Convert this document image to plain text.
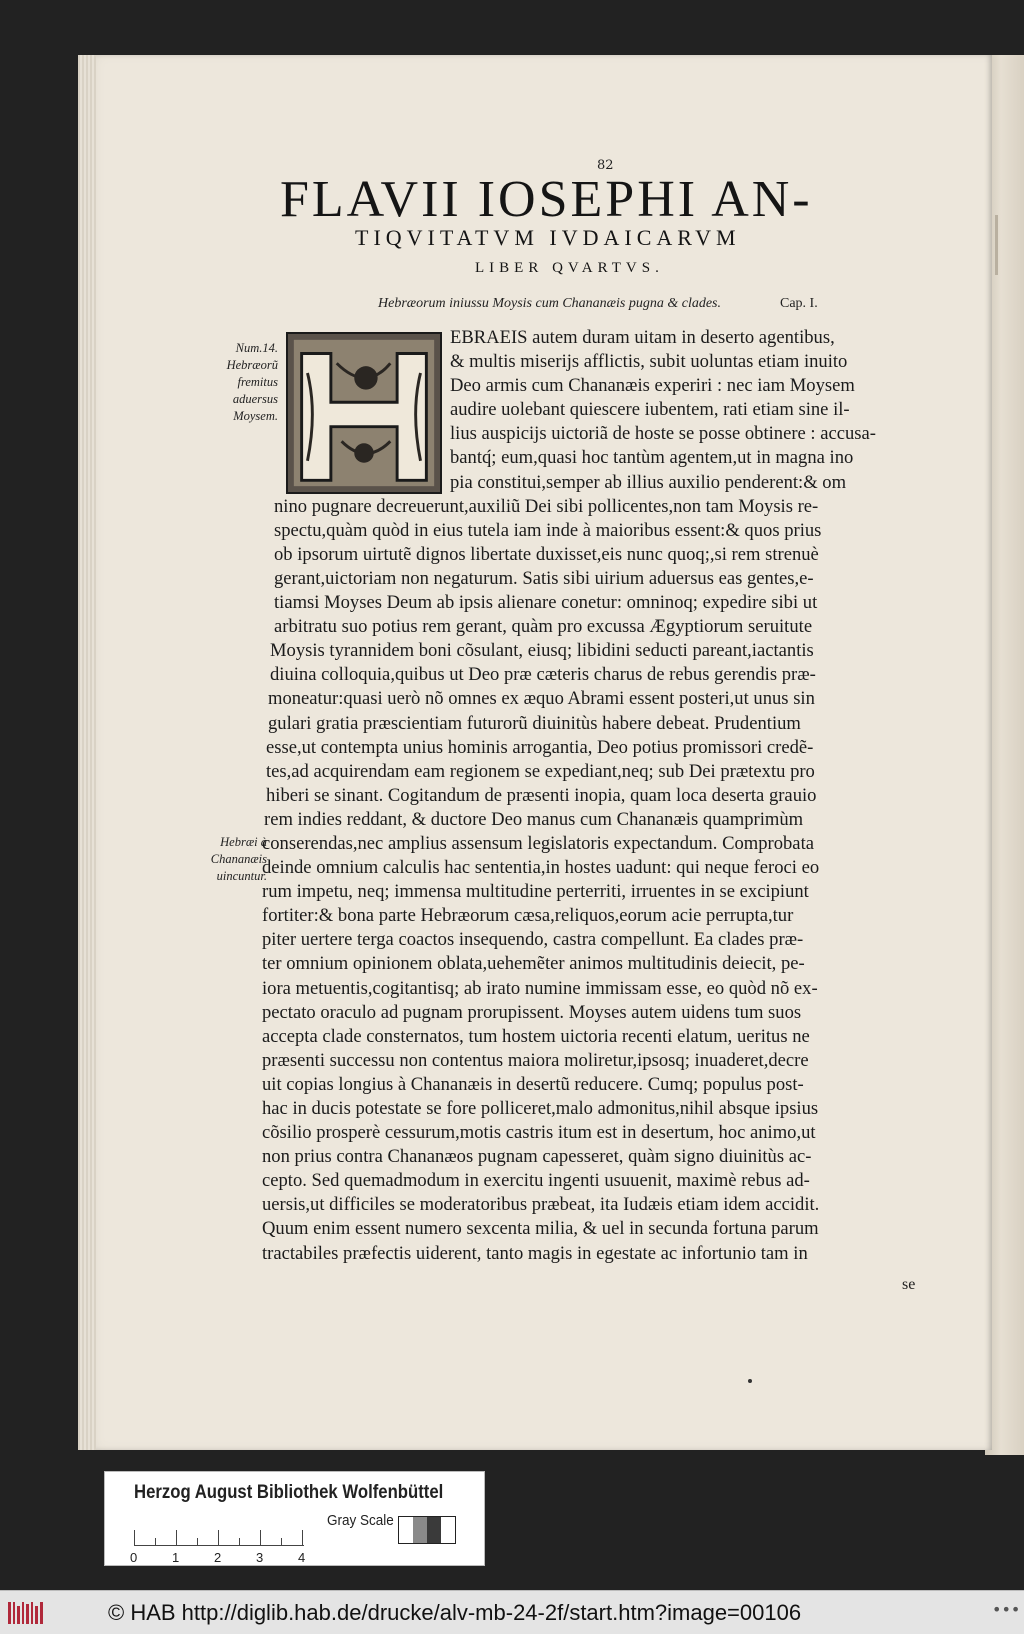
82
FLAVII IOSEPHI AN-
TIQVITATVM IVDAICARVM
LIBER QVARTVS.
Hebræorum iniussu Moysis cum Chananæis pugna & clades.	Cap. I.
Num.14. Hebræorũ fremitus aduersus Moysem.
Hebræi à Chananæis uincuntur.
EBRAEIS autem duram uitam in deserto agentibus,
& multis miserijs afflictis, subit uoluntas etiam inuito
Deo armis cum Chananæis experiri : nec iam Moysem
audire uolebant quiescere iubentem, rati etiam sine il-
lius auspicijs uictoriã de hoste se posse obtinere : accusa-
bantq́; eum,quasi hoc tantùm agentem,ut in magna ino
pia constitui,semper ab illius auxilio penderent:& om
nino pugnare decreuerunt,auxiliũ Dei sibi pollicentes,non tam Moysis re-
spectu,quàm quòd in eius tutela iam inde à maioribus essent:& quos prius
ob ipsorum uirtutẽ dignos libertate duxisset,eis nunc quoq;,si rem strenuè
gerant,uictoriam non negaturum. Satis sibi uirium aduersus eas gentes,e-
tiamsi Moyses Deum ab ipsis alienare conetur: omninoq; expedire sibi ut
arbitratu suo potius rem gerant, quàm pro excussa Ægyptiorum seruitute
Moysis tyrannidem boni cõsulant, eiusq; libidini seducti pareant,iactantis
diuina colloquia,quibus ut Deo præ cæteris charus de rebus gerendis præ-
moneatur:quasi uerò nõ omnes ex æquo Abrami essent posteri,ut unus sin
gulari gratia præscientiam futurorũ diuinitùs habere debeat. Prudentium
esse,ut contempta unius hominis arrogantia, Deo potius promissori credẽ-
tes,ad acquirendam eam regionem se expediant,neq; sub Dei prætextu pro
hiberi se sinant. Cogitandum de præsenti inopia, quam loca deserta grauio
rem indies reddant, & ductore Deo manus cum Chananæis quamprimùm
conserendas,nec amplius assensum legislatoris expectandum. Comprobata
deinde omnium calculis hac sententia,in hostes uadunt: qui neque feroci eo
rum impetu, neq; immensa multitudine perterriti, irruentes in se excipiunt
fortiter:& bona parte Hebræorum cæsa,reliquos,eorum acie perrupta,tur
piter uertere terga coactos insequendo, castra compellunt. Ea clades præ-
ter omnium opinionem oblata,uehemẽter animos multitudinis deiecit, pe-
iora metuentis,cogitantisq; ab irato numine immissam esse, eo quòd nõ ex-
pectato oraculo ad pugnam prorupissent. Moyses autem uidens tum suos
accepta clade consternatos, tum hostem uictoria recenti elatum, ueritus ne
præsenti successu non contentus maiora moliretur,ipsosq; inuaderet,decre
uit copias longius à Chananæis in desertũ reducere. Cumq; populus post-
hac in ducis potestate se fore polliceret,malo admonitus,nihil absque ipsius
cõsilio prosperè cessurum,motis castris itum est in desertum, hoc animo,ut
non prius contra Chananæos pugnam capesseret, quàm signo diuinitùs ac-
cepto. Sed quemadmodum in exercitu ingenti usuuenit, maximè rebus ad-
uersis,ut difficiles se moderatoribus præbeat, ita Iudæis etiam idem accidit.
Quum enim essent numero sexcenta milia, & uel in secunda fortuna parum
tractabiles præfectis uiderent, tanto magis in egestate ac infortunio tam in
se
Herzog August Bibliothek Wolfenbüttel
0	1	2	3	4
Gray Scale
© HAB http://diglib.hab.de/drucke/alv-mb-24-2f/start.htm?image=00106	•••
